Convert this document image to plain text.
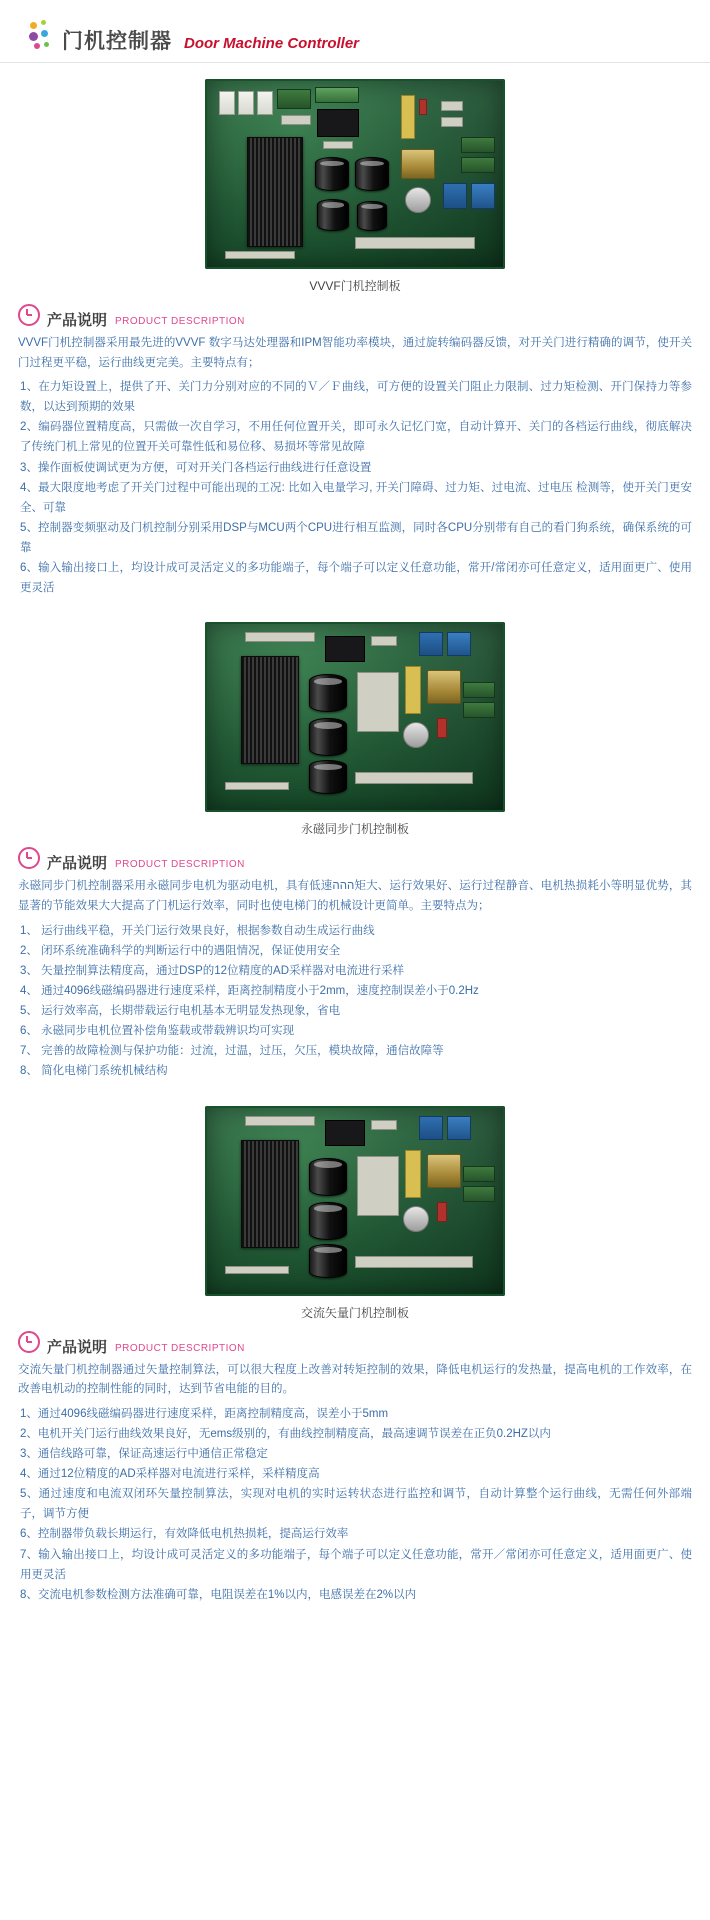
门机控制器 Door Machine Controller
VVVF门机控制板
产品说明 PRODUCT DESCRIPTION

VVVF门机控制器采用最先进的VVVF 数字马达处理器和IPM智能功率模块，通过旋转编码器反馈，对开关门进行精确的调节，使开关门过程更平稳，运行曲线更完美。主要特点有；

1、在力矩设置上，提供了开、关门力分别对应的不同的Ｖ／Ｆ曲线，可方便的设置关门阻止力限制、过力矩检测、开门保持力等参数，以达到预期的效果
2、编码器位置精度高，只需做一次自学习，不用任何位置开关，即可永久记忆门宽，自动计算开、关门的各档运行曲线，彻底解决了传统门机上常见的位置开关可靠性低和易位移、易损坏等常见故障
3、操作面板使调试更为方便，可对开关门各档运行曲线进行任意设置
4、最大限度地考虑了开关门过程中可能出现的工况: 比如入电量学习, 开关门障碍、过力矩、过电流、过电压 检测等，使开关门更安全、可靠
5、控制器变频驱动及门机控制分别采用DSP与MCU两个CPU进行相互监测，同时各CPU分别带有自己的看门狗系统，确保系统的可靠
6、输入输出接口上，均设计成可灵活定义的多功能端子，每个端子可以定义任意功能，常开/常闭亦可任意定义，适用面更广、使用更灵活
永磁同步门机控制板
产品说明 PRODUCT DESCRIPTION

永磁同步门机控制器采用永磁同步电机为驱动电机，具有低速ההה矩大、运行效果好、运行过程静音、电机热损耗小等明显优势，其显著的节能效果大大提高了门机运行效率，同时也使电梯门的机械设计更简单。主要特点为；

1、 运行曲线平稳，开关门运行效果良好，根据参数自动生成运行曲线
2、 闭环系统准确科学的判断运行中的遇阻情况，保证使用安全
3、 矢量控制算法精度高，通过DSP的12位精度的AD采样器对电流进行采样
4、 通过4096线磁编码器进行速度采样，距离控制精度小于2mm，速度控制误差小于0.2Hz
5、 运行效率高，长期带载运行电机基本无明显发热现象，省电
6、 永磁同步电机位置补偿角鉴载或带载辨识均可实现
7、 完善的故障检测与保护功能：过流，过温，过压，欠压，模块故障，通信故障等
8、 简化电梯门系统机械结构
交流矢量门机控制板
产品说明 PRODUCT DESCRIPTION

交流矢量门机控制器通过矢量控制算法，可以很大程度上改善对转矩控制的效果，降低电机运行的发热量，提高电机的工作效率，在改善电机动的控制性能的同时，达到节省电能的目的。

1、通过4096线磁编码器进行速度采样，距离控制精度高，误差小于5mm
2、电机开关门运行曲线效果良好，无ems级别的，有曲线控制精度高，最高速调节误差在正负0.2HZ以内
3、通信线路可靠，保证高速运行中通信正常稳定
4、通过12位精度的AD采样器对电流进行采样，采样精度高
5、通过速度和电流双闭环矢量控制算法，实现对电机的实时运转状态进行监控和调节，自动计算整个运行曲线，无需任何外部端子，调节方便
6、控制器带负载长期运行，有效降低电机热损耗，提高运行效率
7、输入输出接口上，均设计成可灵活定义的多功能端子，每个端子可以定义任意功能，常开／常闭亦可任意定义，适用面更广、使用更灵活
8、交流电机参数检测方法准确可靠，电阻误差在1%以内，电感误差在2%以内
